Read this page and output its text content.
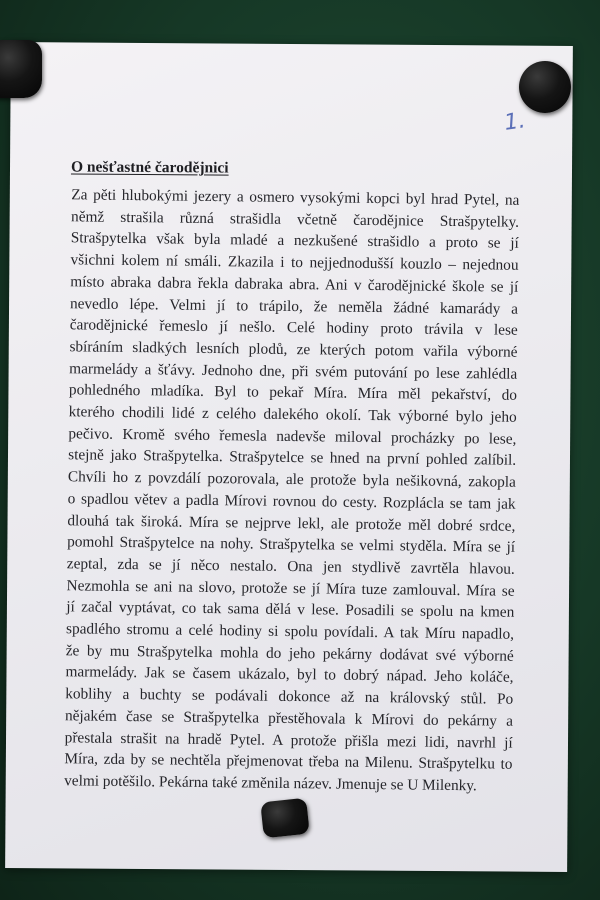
1.
O nešťastné čarodějnici
Za pěti hlubokými jezery a osmero vysokými kopci byl hrad Pytel, na
němž strašila různá strašidla včetně čarodějnice Strašpytelky.
Strašpytelka však byla mladé a nezkušené strašidlo a proto se jí
všichni kolem ní smáli. Zkazila i to nejjednodušší kouzlo – nejednou
místo abraka dabra řekla dabraka abra. Ani v čarodějnické škole se jí
nevedlo lépe. Velmi jí to trápilo, že neměla žádné kamarády a
čarodějnické řemeslo jí nešlo. Celé hodiny proto trávila v lese
sbíráním sladkých lesních plodů, ze kterých potom vařila výborné
marmelády a šťávy. Jednoho dne, při svém putování po lese zahlédla
pohledného mladíka. Byl to pekař Míra. Míra měl pekařství, do
kterého chodili lidé z celého dalekého okolí. Tak výborné bylo jeho
pečivo. Kromě svého řemesla nadevše miloval procházky po lese,
stejně jako Strašpytelka. Strašpytelce se hned na první pohled zalíbil.
Chvíli ho z povzdálí pozorovala, ale protože byla nešikovná, zakopla
o spadlou větev a padla Mírovi rovnou do cesty. Rozplácla se tam jak
dlouhá tak široká. Míra se nejprve lekl, ale protože měl dobré srdce,
pomohl Strašpytelce na nohy. Strašpytelka se velmi styděla. Míra se jí
zeptal, zda se jí něco nestalo. Ona jen stydlivě zavrtěla hlavou.
Nezmohla se ani na slovo, protože se jí Míra tuze zamlouval. Míra se
jí začal vyptávat, co tak sama dělá v lese. Posadili se spolu na kmen
spadlého stromu a celé hodiny si spolu povídali. A tak Míru napadlo,
že by mu Strašpytelka mohla do jeho pekárny dodávat své výborné
marmelády. Jak se časem ukázalo, byl to dobrý nápad. Jeho koláče,
koblihy a buchty se podávali dokonce až na královský stůl. Po
nějakém čase se Strašpytelka přestěhovala k Mírovi do pekárny a
přestala strašit na hradě Pytel. A protože přišla mezi lidi, navrhl jí
Míra, zda by se nechtěla přejmenovat třeba na Milenu. Strašpytelku to
velmi potěšilo. Pekárna také změnila název. Jmenuje se U Milenky.
